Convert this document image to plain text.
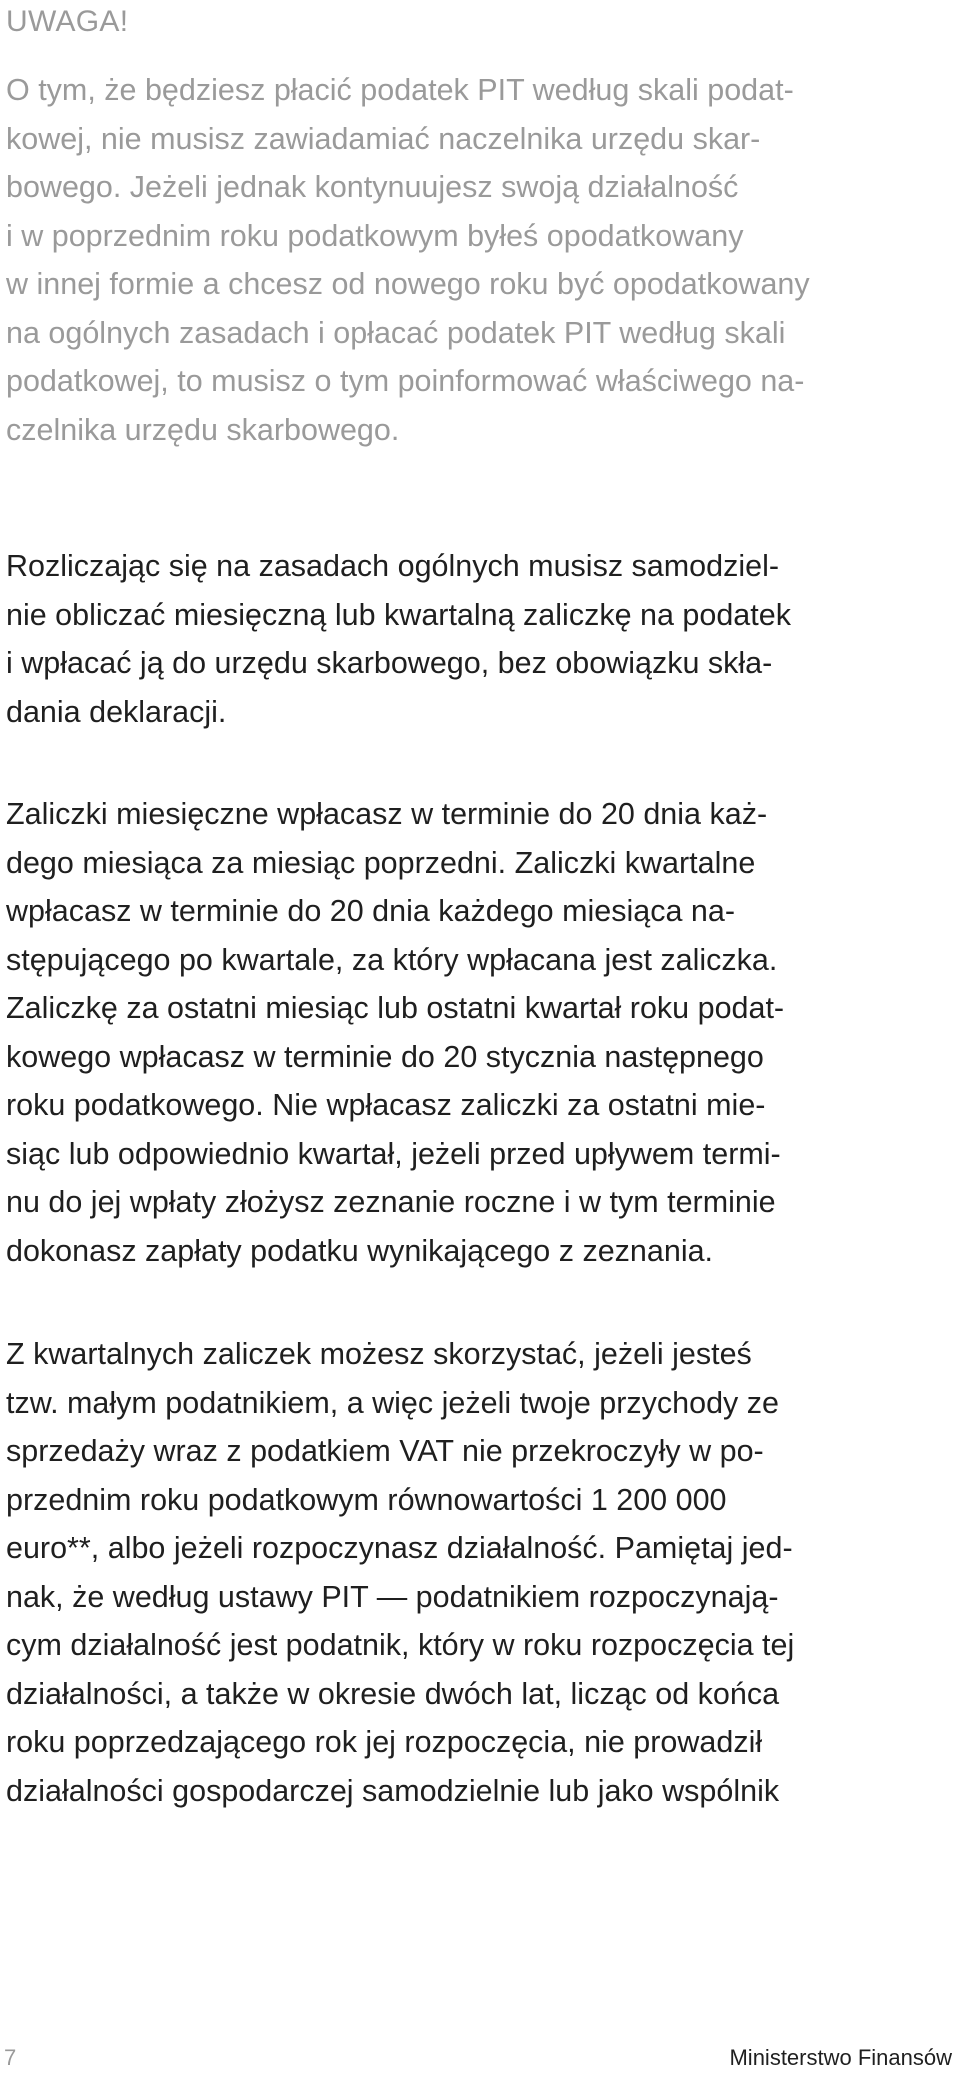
UWAGA!
O tym, że będziesz płacić podatek PIT według skali podat-
kowej, nie musisz zawiadamiać naczelnika urzędu skar-
bowego. Jeżeli jednak kontynuujesz swoją działalność
i w poprzednim roku podatkowym byłeś opodatkowany
w innej formie a chcesz od nowego roku być opodatkowany
na ogólnych zasadach i opłacać podatek PIT według skali
podatkowej, to musisz o tym poinformować właściwego na-
czelnika urzędu skarbowego.
Rozliczając się na zasadach ogólnych musisz samodziel-
nie obliczać miesięczną lub kwartalną zaliczkę na podatek
i wpłacać ją do urzędu skarbowego, bez obowiązku skła-
dania deklaracji.
Zaliczki miesięczne wpłacasz w terminie do 20 dnia każ-
dego miesiąca za miesiąc poprzedni. Zaliczki kwartalne
wpłacasz w terminie do 20 dnia każdego miesiąca na-
stępującego po kwartale, za który wpłacana jest zaliczka.
Zaliczkę za ostatni miesiąc lub ostatni kwartał roku podat-
kowego wpłacasz w terminie do 20 stycznia następnego
roku podatkowego. Nie wpłacasz zaliczki za ostatni mie-
siąc lub odpowiednio kwartał, jeżeli przed upływem termi-
nu do jej wpłaty złożysz zeznanie roczne i w tym terminie
dokonasz zapłaty podatku wynikającego z zeznania.
Z kwartalnych zaliczek możesz skorzystać, jeżeli jesteś
tzw. małym podatnikiem, a więc jeżeli twoje przychody ze
sprzedaży wraz z podatkiem VAT nie przekroczyły w po-
przednim roku podatkowym równowartości 1 200 000
euro**, albo jeżeli rozpoczynasz działalność. Pamiętaj jed-
nak, że według ustawy PIT — podatnikiem rozpoczynają-
cym działalność jest podatnik, który w roku rozpoczęcia tej
działalności, a także w okresie dwóch lat, licząc od końca
roku poprzedzającego rok jej rozpoczęcia, nie prowadził
działalności gospodarczej samodzielnie lub jako wspólnik
7	Ministerstwo Finansów
